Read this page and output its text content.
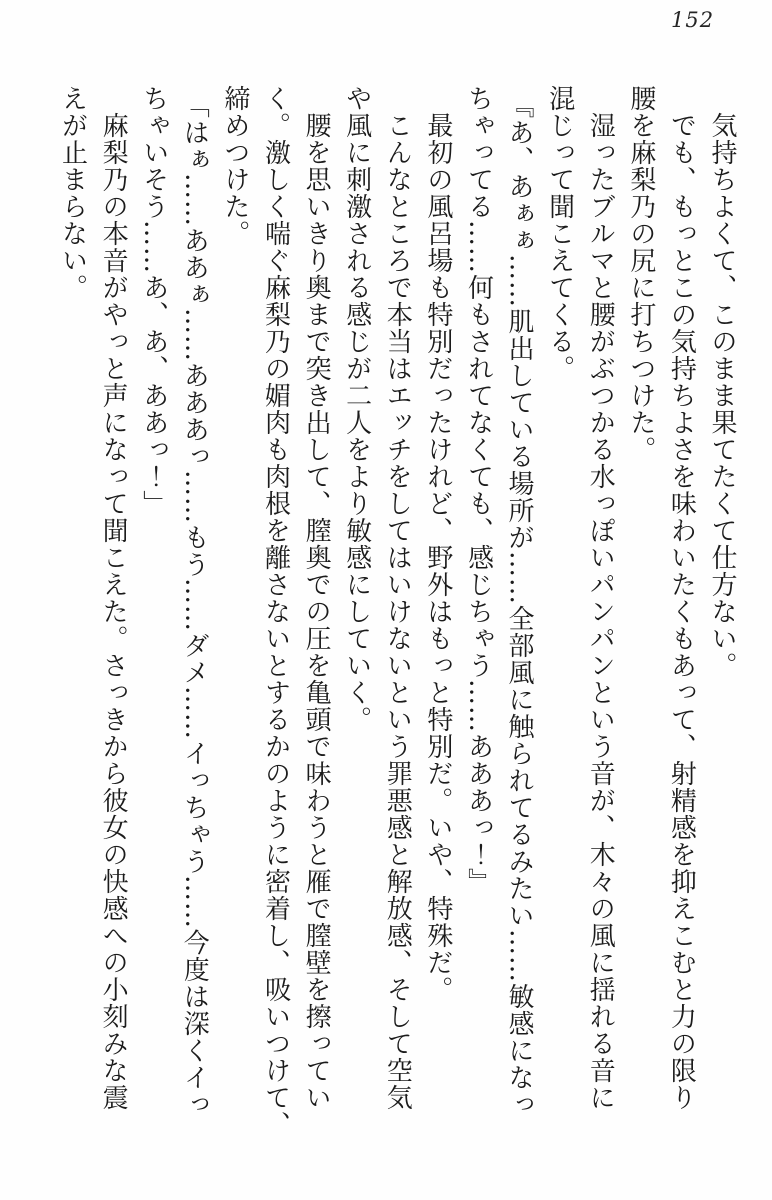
152

気持ちよくて、このまま果てたくて仕方ない。

でも、もっとこの気持ちよさを味わいたくもあって、射精感を抑えこむと力の限り

腰を麻梨乃の尻に打ちつけた。

湿ったブルマと腰がぶつかる水っぽいパンパンという音が、木々の風に揺れる音に

混じって聞こえてくる。

『あ、あぁぁ……肌出している場所が……全部風に触られてるみたい……敏感になっ

ちゃってる……何もされてなくても、感じちゃう……あああっ！』

最初の風呂場も特別だったけれど、野外はもっと特別だ。いや、特殊だ。

こんなところで本当はエッチをしてはいけないという罪悪感と解放感、そして空気

や風に刺激される感じが二人をより敏感にしていく。

腰を思いきり奥まで突き出して、膣奥での圧を亀頭で味わうと雁で膣壁を擦ってい

く。激しく喘ぐ麻梨乃の媚肉も肉根を離さないとするかのように密着し、吸いつけて、

締めつけた。

「はぁ……ああぁ……あああっ……もう……ダメ……イっちゃう……今度は深くイっ

ちゃいそう……あ、あ、ああっ！」

麻梨乃の本音がやっと声になって聞こえた。さっきから彼女の快感への小刻みな震

えが止まらない。
